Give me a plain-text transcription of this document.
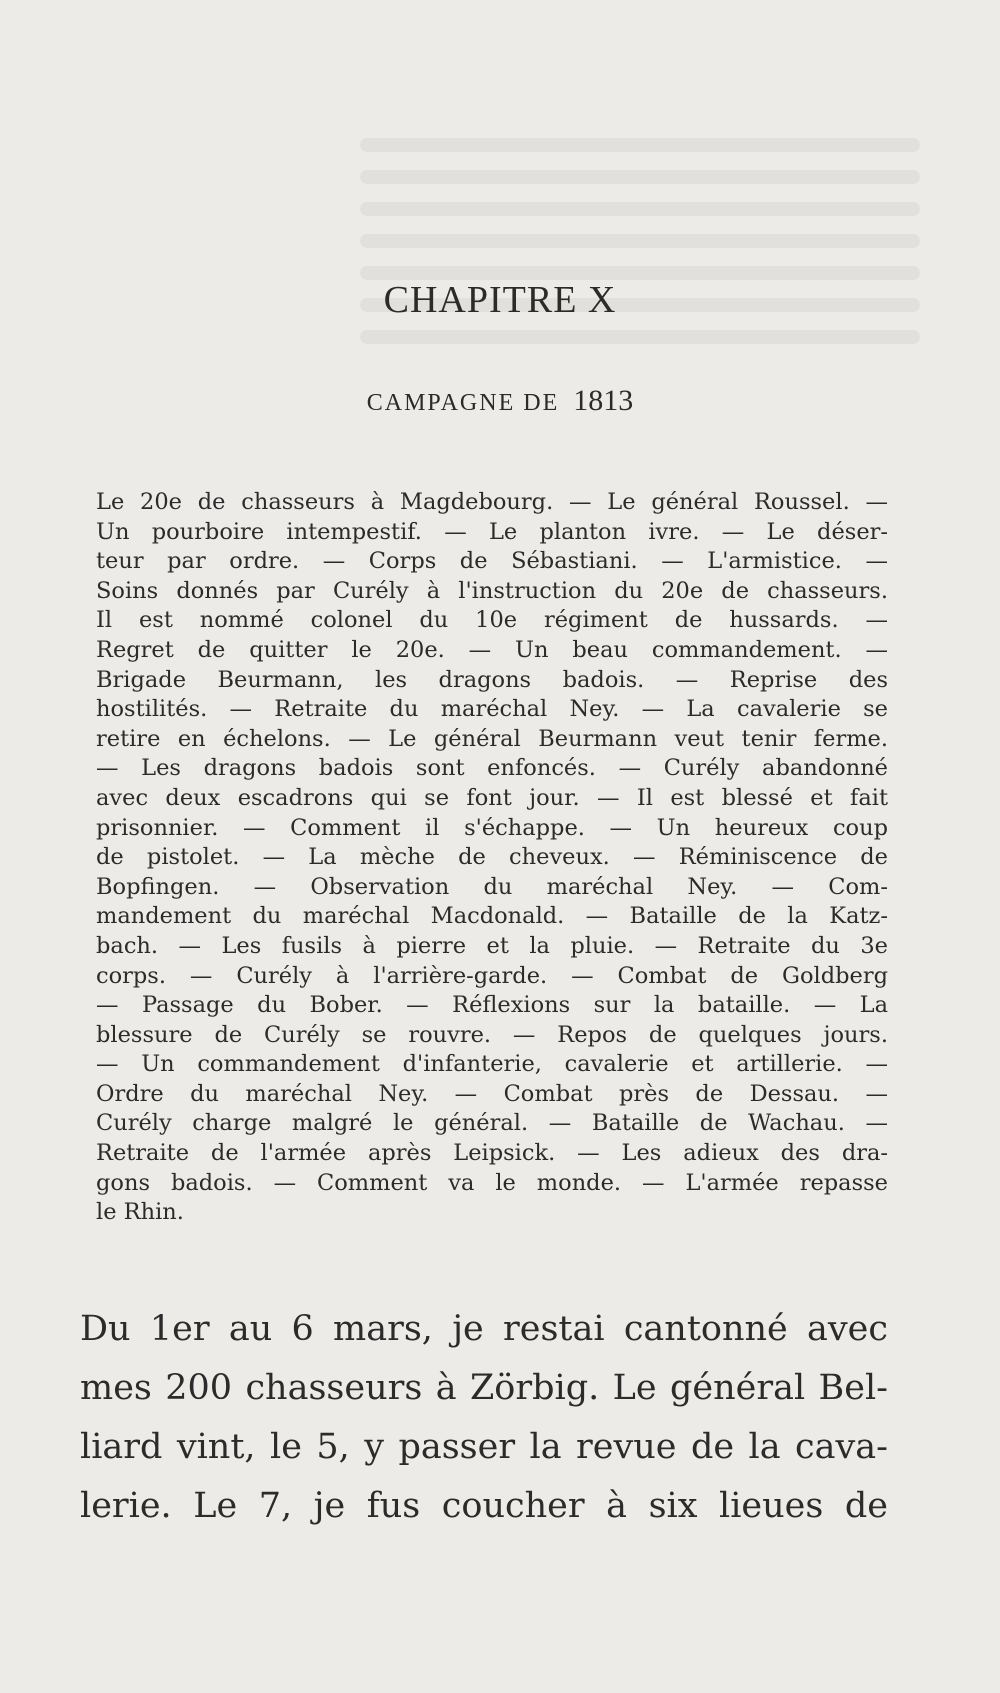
CHAPITRE X
CAMPAGNE DE 1813
Le 20e de chasseurs à Magdebourg. — Le général Roussel. —
Un pourboire intempestif. — Le planton ivre. — Le déser-
teur par ordre. — Corps de Sébastiani. — L'armistice. —
Soins donnés par Curély à l'instruction du 20e de chasseurs.
Il est nommé colonel du 10e régiment de hussards. —
Regret de quitter le 20e. — Un beau commandement. —
Brigade Beurmann, les dragons badois. — Reprise des
hostilités. — Retraite du maréchal Ney. — La cavalerie se
retire en échelons. — Le général Beurmann veut tenir ferme.
— Les dragons badois sont enfoncés. — Curély abandonné
avec deux escadrons qui se font jour. — Il est blessé et fait
prisonnier. — Comment il s'échappe. — Un heureux coup
de pistolet. — La mèche de cheveux. — Réminiscence de
Bopfingen. — Observation du maréchal Ney. — Com-
mandement du maréchal Macdonald. — Bataille de la Katz-
bach. — Les fusils à pierre et la pluie. — Retraite du 3e
corps. — Curély à l'arrière-garde. — Combat de Goldberg
— Passage du Bober. — Réflexions sur la bataille. — La
blessure de Curély se rouvre. — Repos de quelques jours.
— Un commandement d'infanterie, cavalerie et artillerie. —
Ordre du maréchal Ney. — Combat près de Dessau. —
Curély charge malgré le général. — Bataille de Wachau. —
Retraite de l'armée après Leipsick. — Les adieux des dra-
gons badois. — Comment va le monde. — L'armée repasse
le Rhin.
Du 1er au 6 mars, je restai cantonné avec
mes 200 chasseurs à Zörbig. Le général Bel-
liard vint, le 5, y passer la revue de la cava-
lerie. Le 7, je fus coucher à six lieues de
